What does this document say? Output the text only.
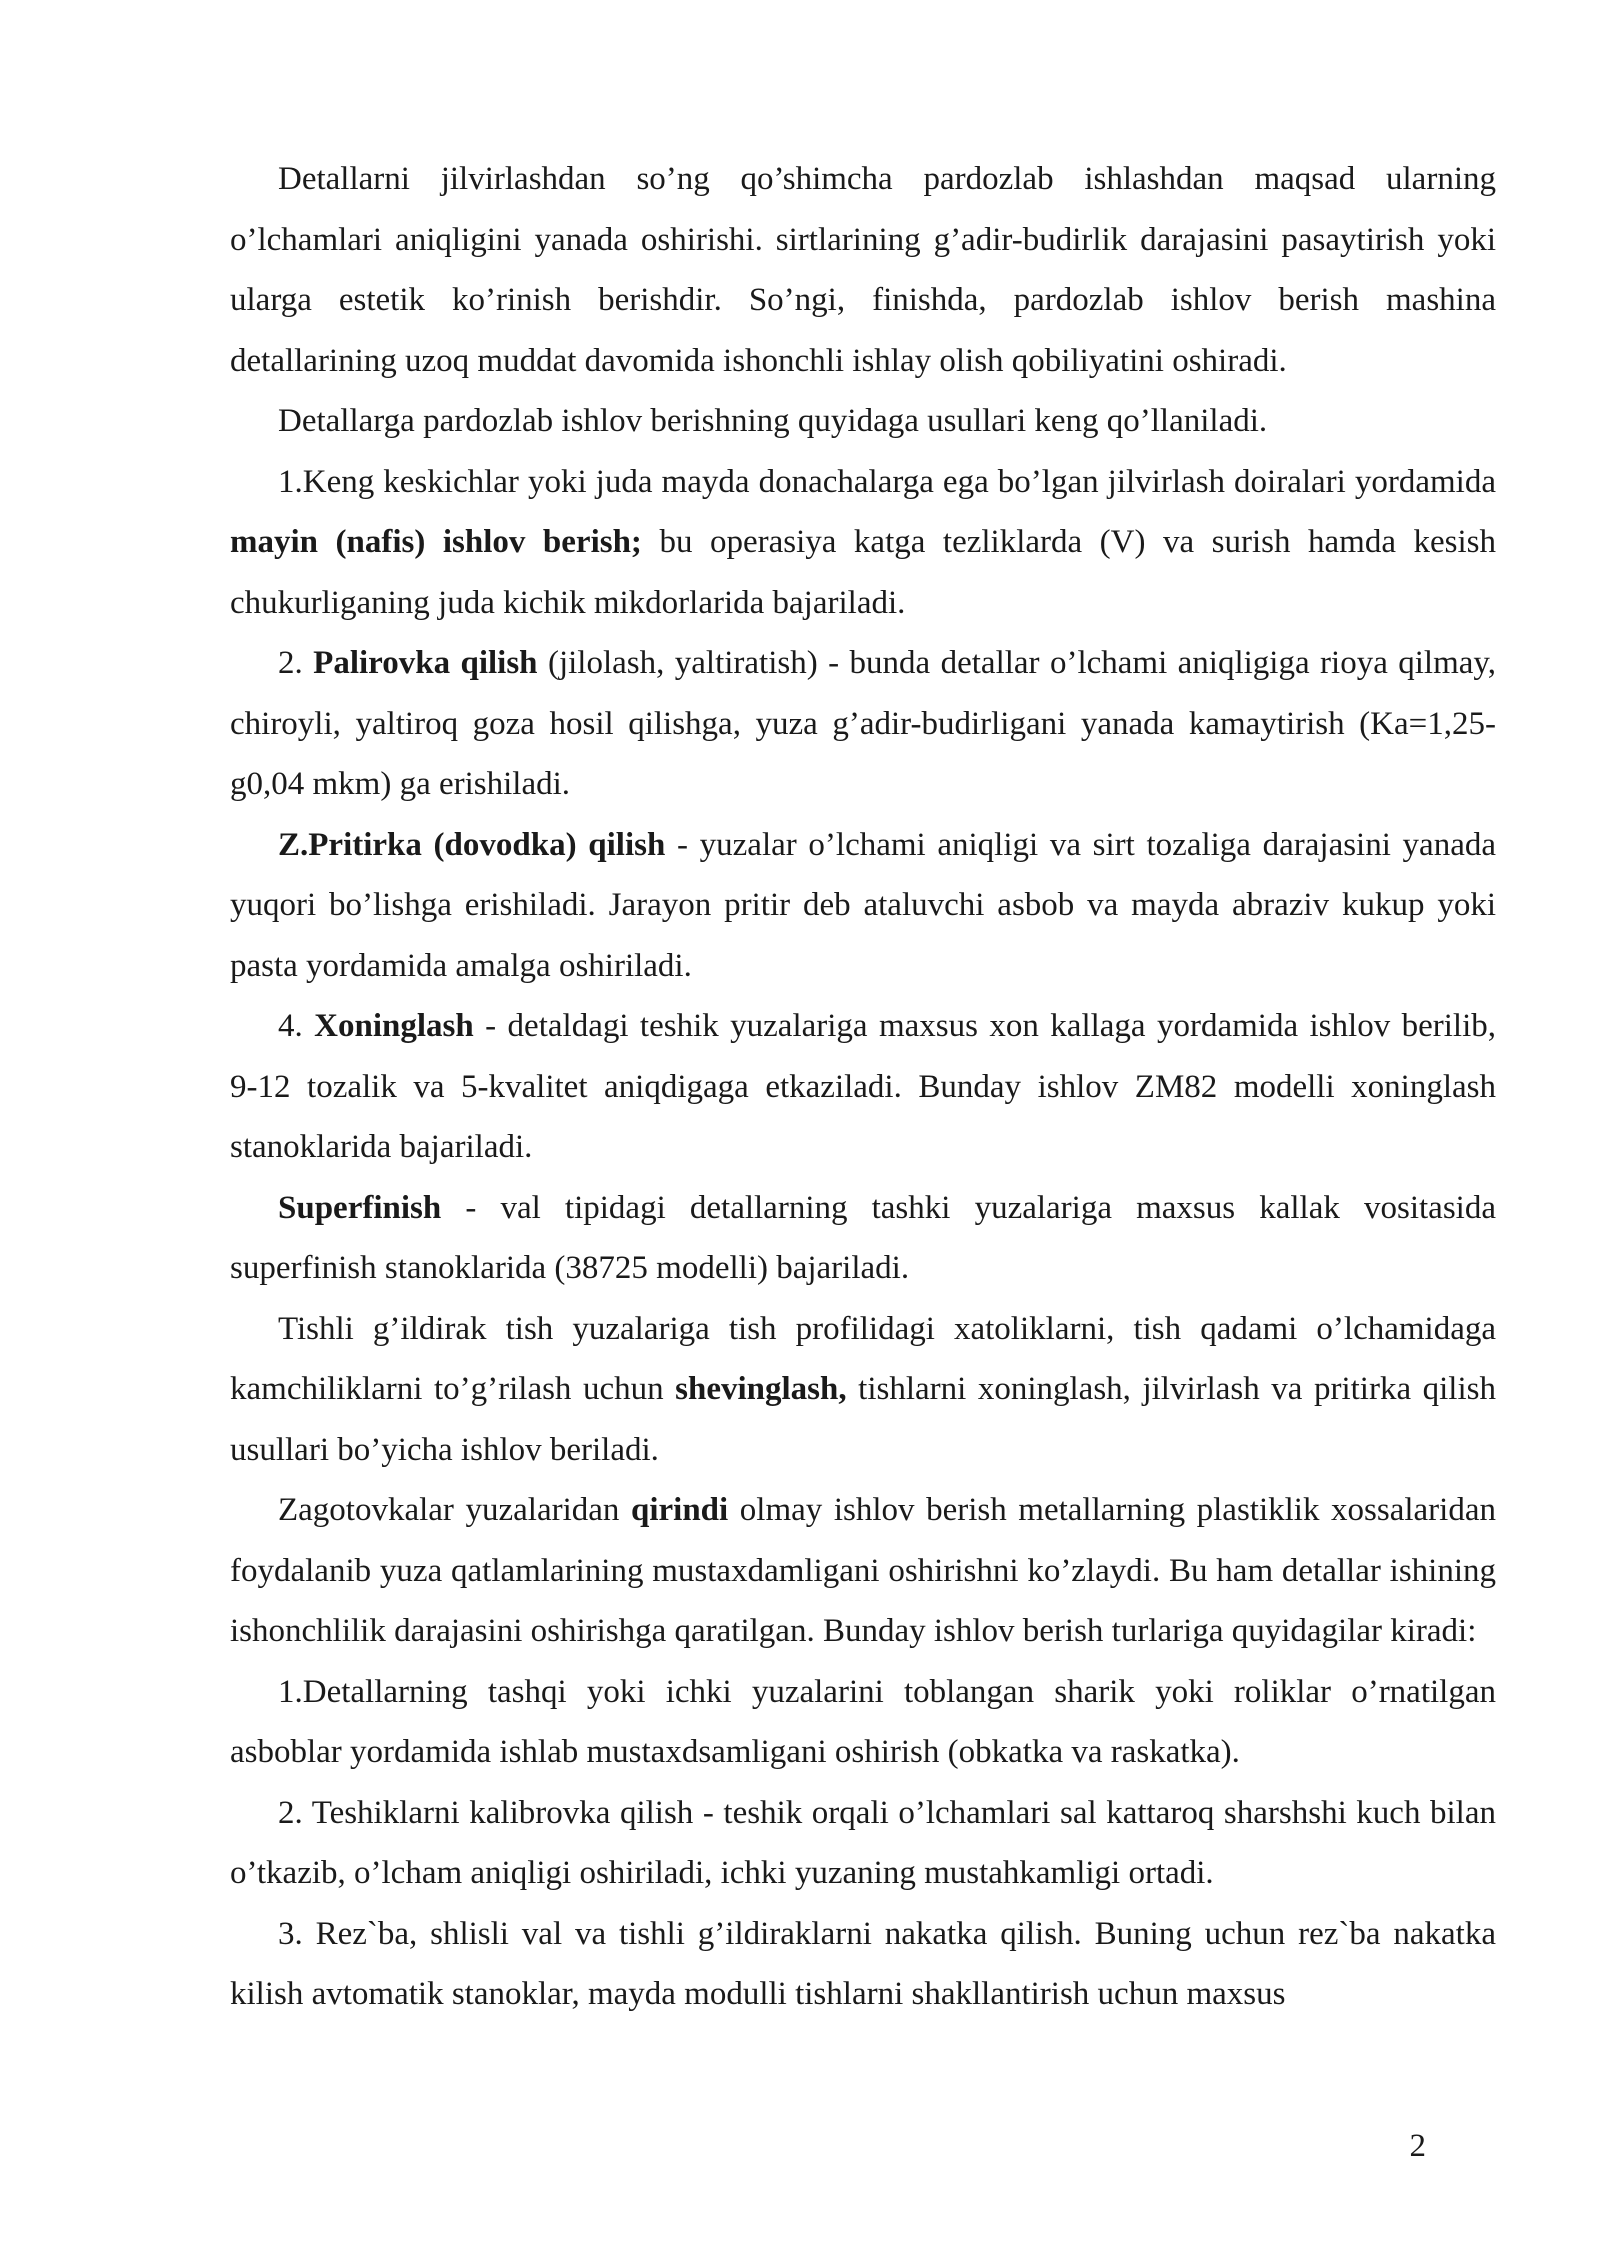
Detallarni jilvirlashdan so’ng qo’shimcha pardozlab ishlashdan maqsad ularning o’lchamlari aniqligini yanada oshirishi. sirtlarining g’adir-budirlik darajasini pasaytirish yoki ularga estetik ko’rinish berishdir. So’ngi, finishda, pardozlab ishlov berish mashina detallarining uzoq muddat davomida ishonchli ishlay olish qobiliyatini oshiradi.

Detallarga pardozlab ishlov berishning quyidaga usullari keng qo’llaniladi.

1.Keng keskichlar yoki juda mayda donachalarga ega bo’lgan jilvirlash doiralari yordamida mayin (nafis) ishlov berish; bu operasiya katga tezliklarda (V) va surish hamda kesish chukurliganing juda kichik mikdorlarida bajariladi.

2. Palirovka qilish (jilolash, yaltiratish) - bunda detallar o’lchami aniqligiga rioya qilmay, chiroyli, yaltiroq goza hosil qilishga, yuza g’adir-budirligani yanada kamaytirish (Ka=1,25-g0,04 mkm) ga erishiladi.

Z.Pritirka (dovodka) qilish - yuzalar o’lchami aniqligi va sirt tozaliga darajasini yanada yuqori bo’lishga erishiladi. Jarayon pritir deb ataluvchi asbob va mayda abraziv kukup yoki pasta yordamida amalga oshiriladi.

4. Xoninglash - detaldagi teshik yuzalariga maxsus xon kallaga yordamida ishlov berilib, 9-12 tozalik va 5-kvalitet aniqdigaga etkaziladi. Bunday ishlov ZM82 modelli xoninglash stanoklarida bajariladi.

Superfinish - val tipidagi detallarning tashki yuzalariga maxsus kallak vositasida superfinish stanoklarida (38725 modelli) bajariladi.

Tishli g’ildirak tish yuzalariga tish profilidagi xatoliklarni, tish qadami o’lchamidaga kamchiliklarni to’g’rilash uchun shevinglash, tishlarni xoninglash, jilvirlash va pritirka qilish usullari bo’yicha ishlov beriladi.

Zagotovkalar yuzalaridan qirindi olmay ishlov berish metallarning plastiklik xossalaridan foydalanib yuza qatlamlarining mustaxdamligani oshirishni ko’zlaydi. Bu ham detallar ishining ishonchlilik darajasini oshirishga qaratilgan. Bunday ishlov berish turlariga quyidagilar kiradi:

1.Detallarning tashqi yoki ichki yuzalarini toblangan sharik yoki roliklar o’rnatilgan asboblar yordamida ishlab mustaxdsamligani oshirish (obkatka va raskatka).

2. Teshiklarni kalibrovka qilish - teshik orqali o’lchamlari sal kattaroq sharshshi kuch bilan o’tkazib, o’lcham aniqligi oshiriladi, ichki yuzaning mustahkamligi ortadi.

3. Rez`ba, shlisli val va tishli g’ildiraklarni nakatka qilish. Buning uchun rez`ba nakatka kilish avtomatik stanoklar, mayda modulli tishlarni shakllantirish uchun maxsus

2
